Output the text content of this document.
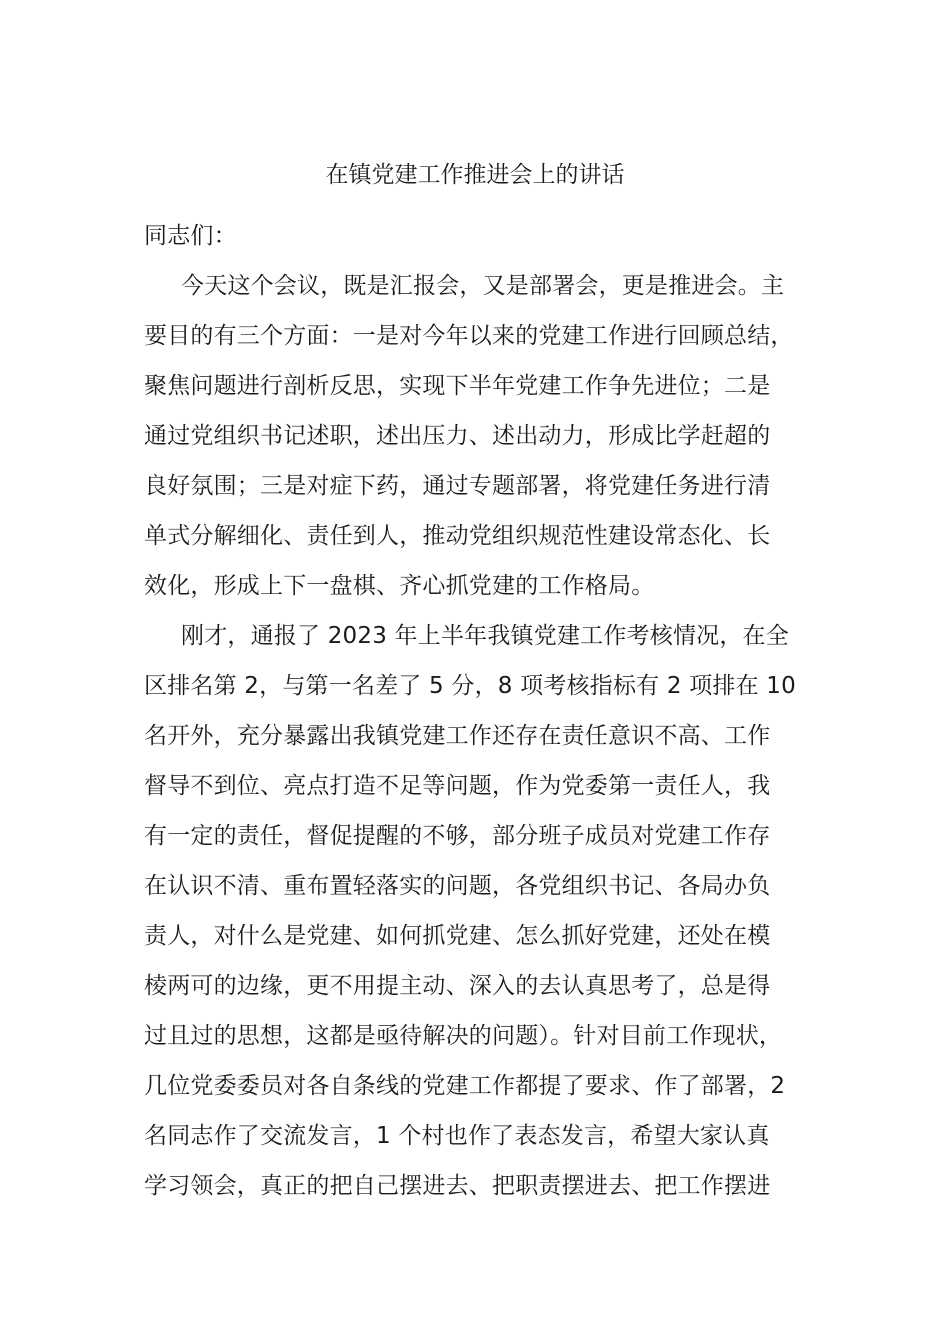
在镇党建工作推进会上的讲话
同志们：
今天这个会议，既是汇报会，又是部署会，更是推进会。主
要目的有三个方面：一是对今年以来的党建工作进行回顾总结，
聚焦问题进行剖析反思，实现下半年党建工作争先进位；二是
通过党组织书记述职，述出压力、述出动力，形成比学赶超的
良好氛围；三是对症下药，通过专题部署，将党建任务进行清
单式分解细化、责任到人，推动党组织规范性建设常态化、长
效化，形成上下一盘棋、齐心抓党建的工作格局。
刚才，通报了 2023 年上半年我镇党建工作考核情况，在全
区排名第 2，与第一名差了 5 分，8 项考核指标有 2 项排在 10
名开外，充分暴露出我镇党建工作还存在责任意识不高、工作
督导不到位、亮点打造不足等问题，作为党委第一责任人，我
有一定的责任，督促提醒的不够，部分班子成员对党建工作存
在认识不清、重布置轻落实的问题，各党组织书记、各局办负
责人，对什么是党建、如何抓党建、怎么抓好党建，还处在模
棱两可的边缘，更不用提主动、深入的去认真思考了，总是得
过且过的思想，这都是亟待解决的问题）。针对目前工作现状，
几位党委委员对各自条线的党建工作都提了要求、作了部署，2
名同志作了交流发言，1 个村也作了表态发言，希望大家认真
学习领会，真正的把自己摆进去、把职责摆进去、把工作摆进
